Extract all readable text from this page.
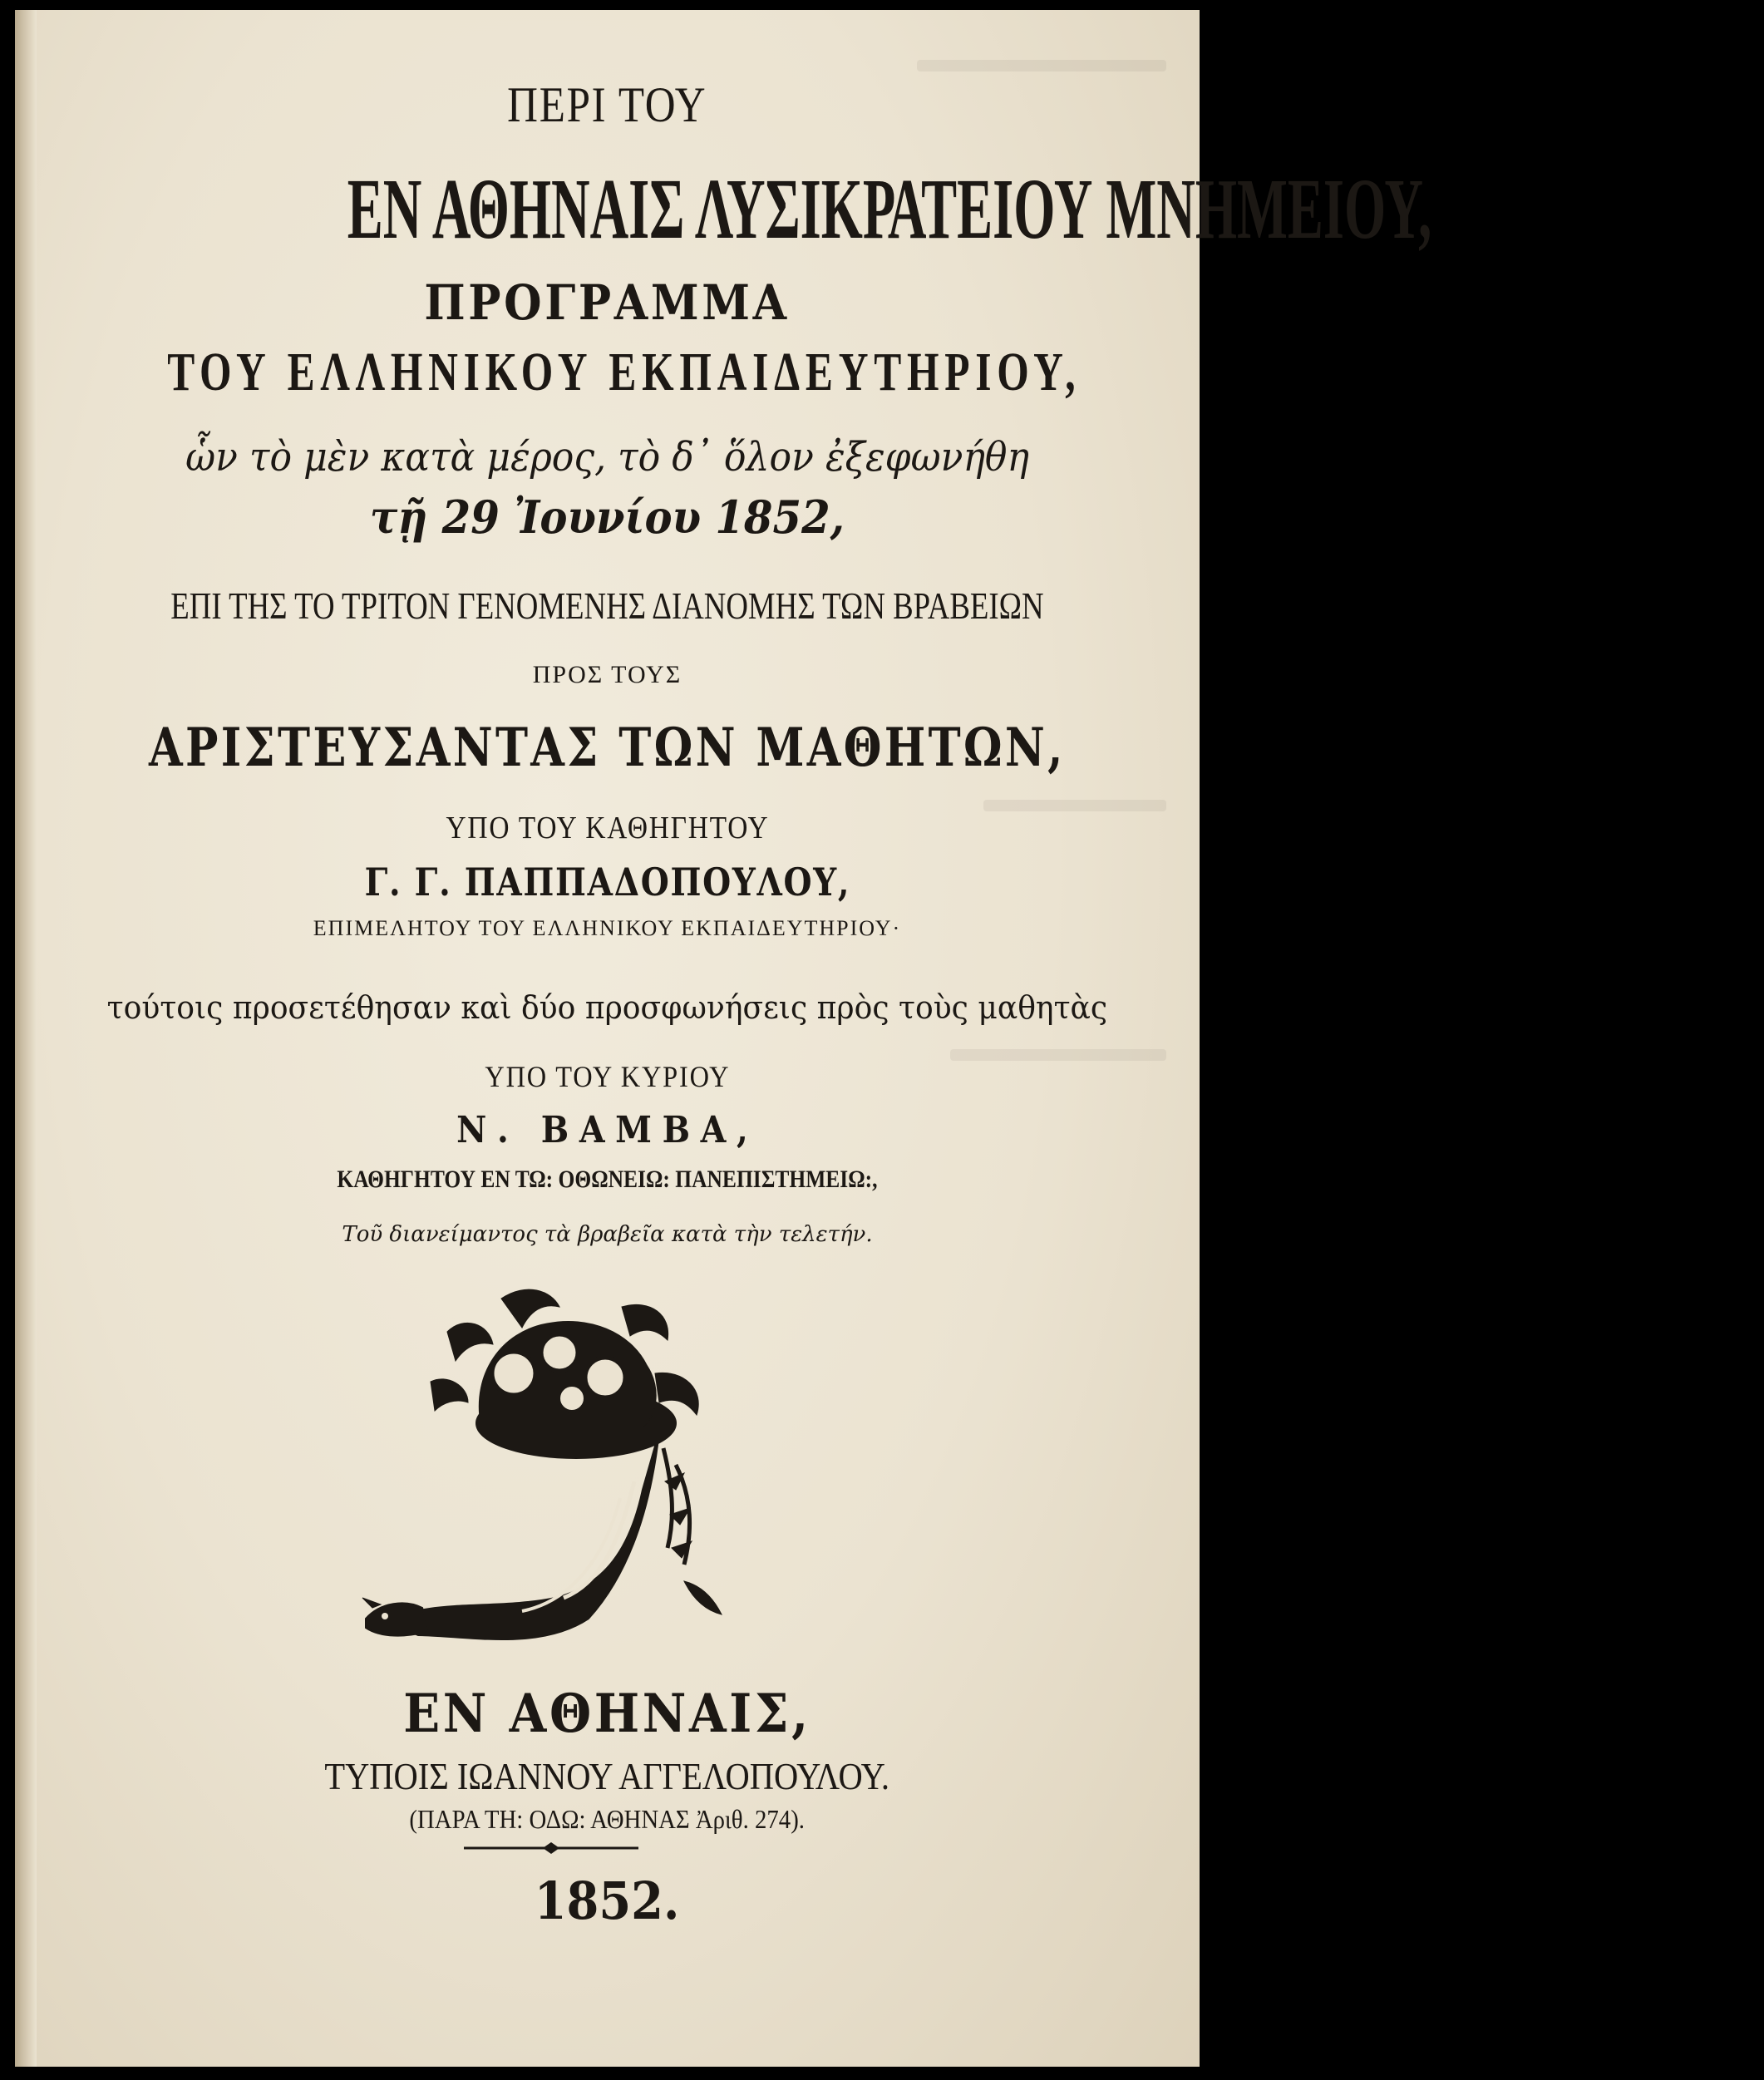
ΠΕΡΙ ΤΟΥ

ΕΝ ΑΘΗΝΑΙΣ ΛΥΣΙΚΡΑΤΕΙΟΥ ΜΝΗΜΕΙΟΥ,

ΠΡΟΓΡΑΜΜΑ

ΤΟΥ ΕΛΛΗΝΙΚΟΥ ΕΚΠΑΙΔΕΥΤΗΡΙΟΥ,

ὧν τὸ μὲν κατὰ μέρος, τὸ δ᾽ ὅλον ἐξεφωνήθη

τῇ 29 Ἰουνίου 1852,

ΕΠΙ ΤΗΣ ΤΟ ΤΡΙΤΟΝ ΓΕΝΟΜΕΝΗΣ ΔΙΑΝΟΜΗΣ ΤΩΝ ΒΡΑΒΕΙΩΝ

ΠΡΟΣ ΤΟΥΣ

ΑΡΙΣΤΕΥΣΑΝΤΑΣ ΤΩΝ ΜΑΘΗΤΩΝ,

ΥΠΟ ΤΟΥ ΚΑΘΗΓΗΤΟΥ

Γ. Γ. ΠΑΠΠΑΔΟΠΟΥΛΟΥ,

ΕΠΙΜΕΛΗΤΟΥ ΤΟΥ ΕΛΛΗΝΙΚΟΥ ΕΚΠΑΙΔΕΥΤΗΡΙΟΥ·

τούτοις προσετέθησαν καὶ δύο προσφωνήσεις πρὸς τοὺς μαθητὰς

ΥΠΟ ΤΟΥ ΚΥΡΙΟΥ

Ν. ΒΑΜΒΑ,

ΚΑΘΗΓΗΤΟΥ ΕΝ ΤΩ: ΟΘΩΝΕΙΩ: ΠΑΝΕΠΙΣΤΗΜΕΙΩ:,

Τοῦ διανείμαντος τὰ βραβεῖα κατὰ τὴν τελετήν.

ΕΝ ΑΘΗΝΑΙΣ,

ΤΥΠΟΙΣ ΙΩΑΝΝΟΥ ΑΓΓΕΛΟΠΟΥΛΟΥ.

(ΠΑΡΑ ΤΗ: ΟΔΩ: ΑΘΗΝΑΣ Ἀριθ. 274).

1852.
